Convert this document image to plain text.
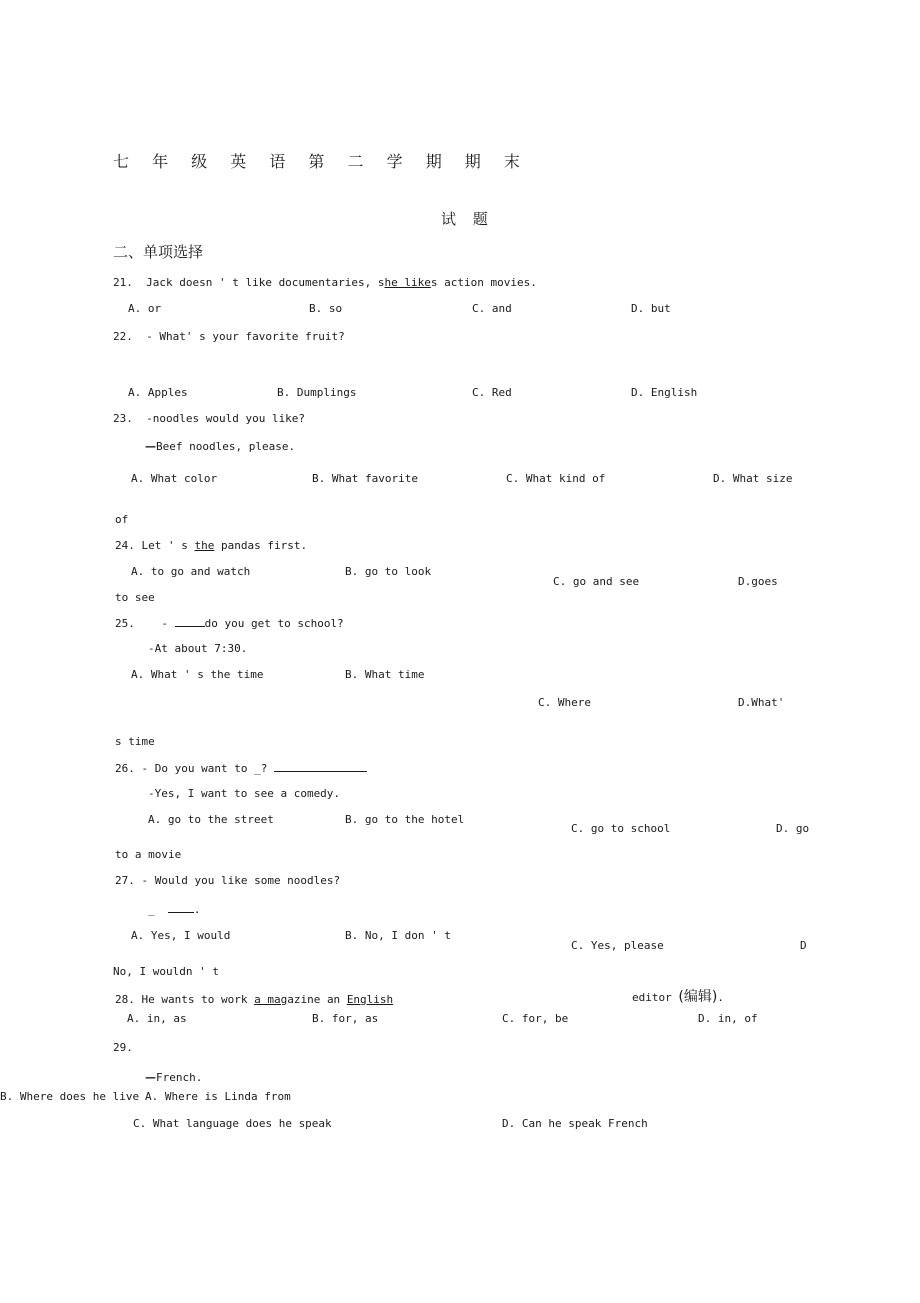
七 年 级 英 语 第 二 学 期 期 末
试 题
二、单项选择
21.  Jack doesn ' t like documentaries, she likes action movies.
A. or	B. so	C. and	D. but
22.  - What' s your favorite fruit?
A. Apples	B. Dumplings	C. Red	D. English
23.  -noodles would you like?
—Beef noodles, please.
A. What color	B. What favorite	C. What kind of	D. What size
of
24. Let ' s the pandas first.
A. to go and watch	B. go to look
C. go and see	D.goes
to see
25.    -	do you get to school?
-At about 7:30.
A. What ' s the time	B. What time
C. Where	D.What'
s time
26. - Do you want to _?
-Yes, I want to see a comedy.
A. go to the street	B. go to the hotel
C. go to school	D. go
to a movie
27. - Would you like some noodles?
_  .
A. Yes, I would	B. No, I don ' t
C. Yes, please	D
No, I wouldn ' t
28. He wants to work a magazine an English	editor (编辑).
A. in, as	B. for, as	C. for, be	D. in, of
29.
—French.
B. Where does he live A. Where is Linda from
C. What language does he speak	D. Can he speak French
